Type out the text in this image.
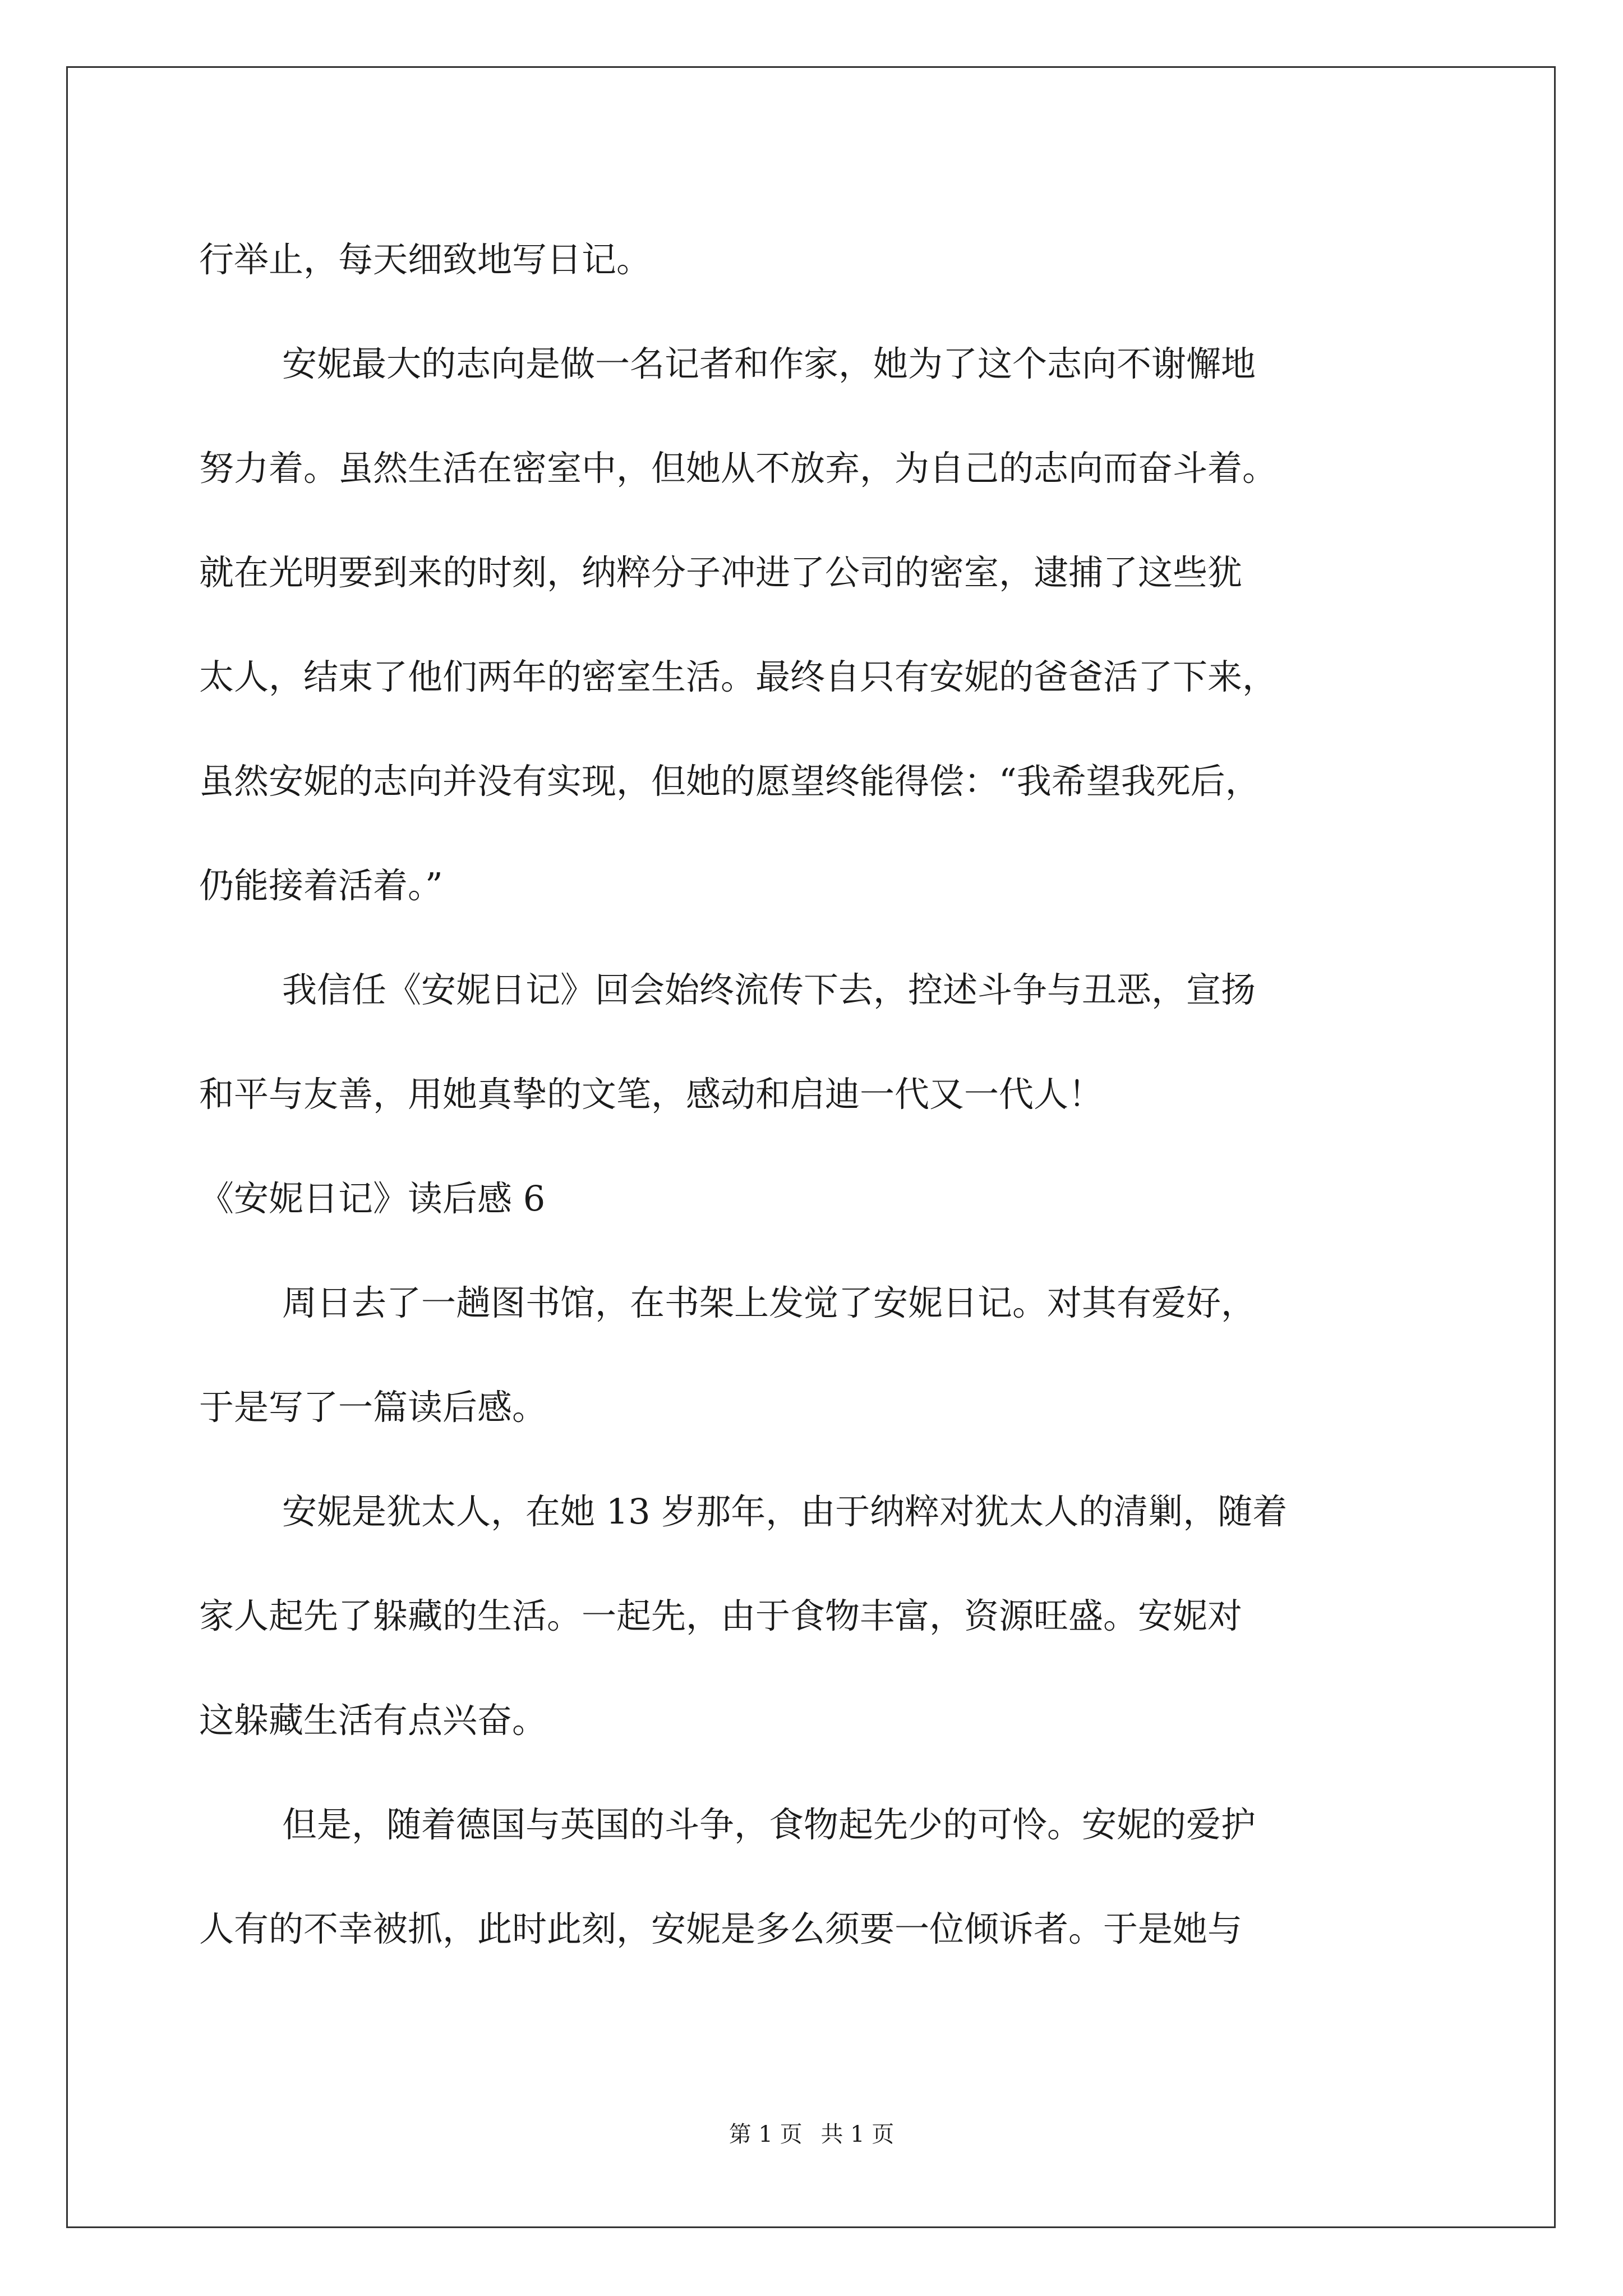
行举止，每天细致地写日记。
安妮最大的志向是做一名记者和作家，她为了这个志向不谢懈地
努力着。虽然生活在密室中，但她从不放弃，为自己的志向而奋斗着。
就在光明要到来的时刻，纳粹分子冲进了公司的密室，逮捕了这些犹
太人，结束了他们两年的密室生活。最终自只有安妮的爸爸活了下来，
虽然安妮的志向并没有实现，但她的愿望终能得偿：“我希望我死后，
仍能接着活着。”
我信任《安妮日记》回会始终流传下去，控述斗争与丑恶，宣扬
和平与友善，用她真挚的文笔，感动和启迪一代又一代人！
《安妮日记》读后感 6
周日去了一趟图书馆，在书架上发觉了安妮日记。对其有爱好，
于是写了一篇读后感。
安妮是犹太人，在她 13 岁那年，由于纳粹对犹太人的清剿，随着
家人起先了躲藏的生活。一起先，由于食物丰富，资源旺盛。安妮对
这躲藏生活有点兴奋。
但是，随着德国与英国的斗争，食物起先少的可怜。安妮的爱护
人有的不幸被抓，此时此刻，安妮是多么须要一位倾诉者。于是她与
第 1 页 共 1 页
